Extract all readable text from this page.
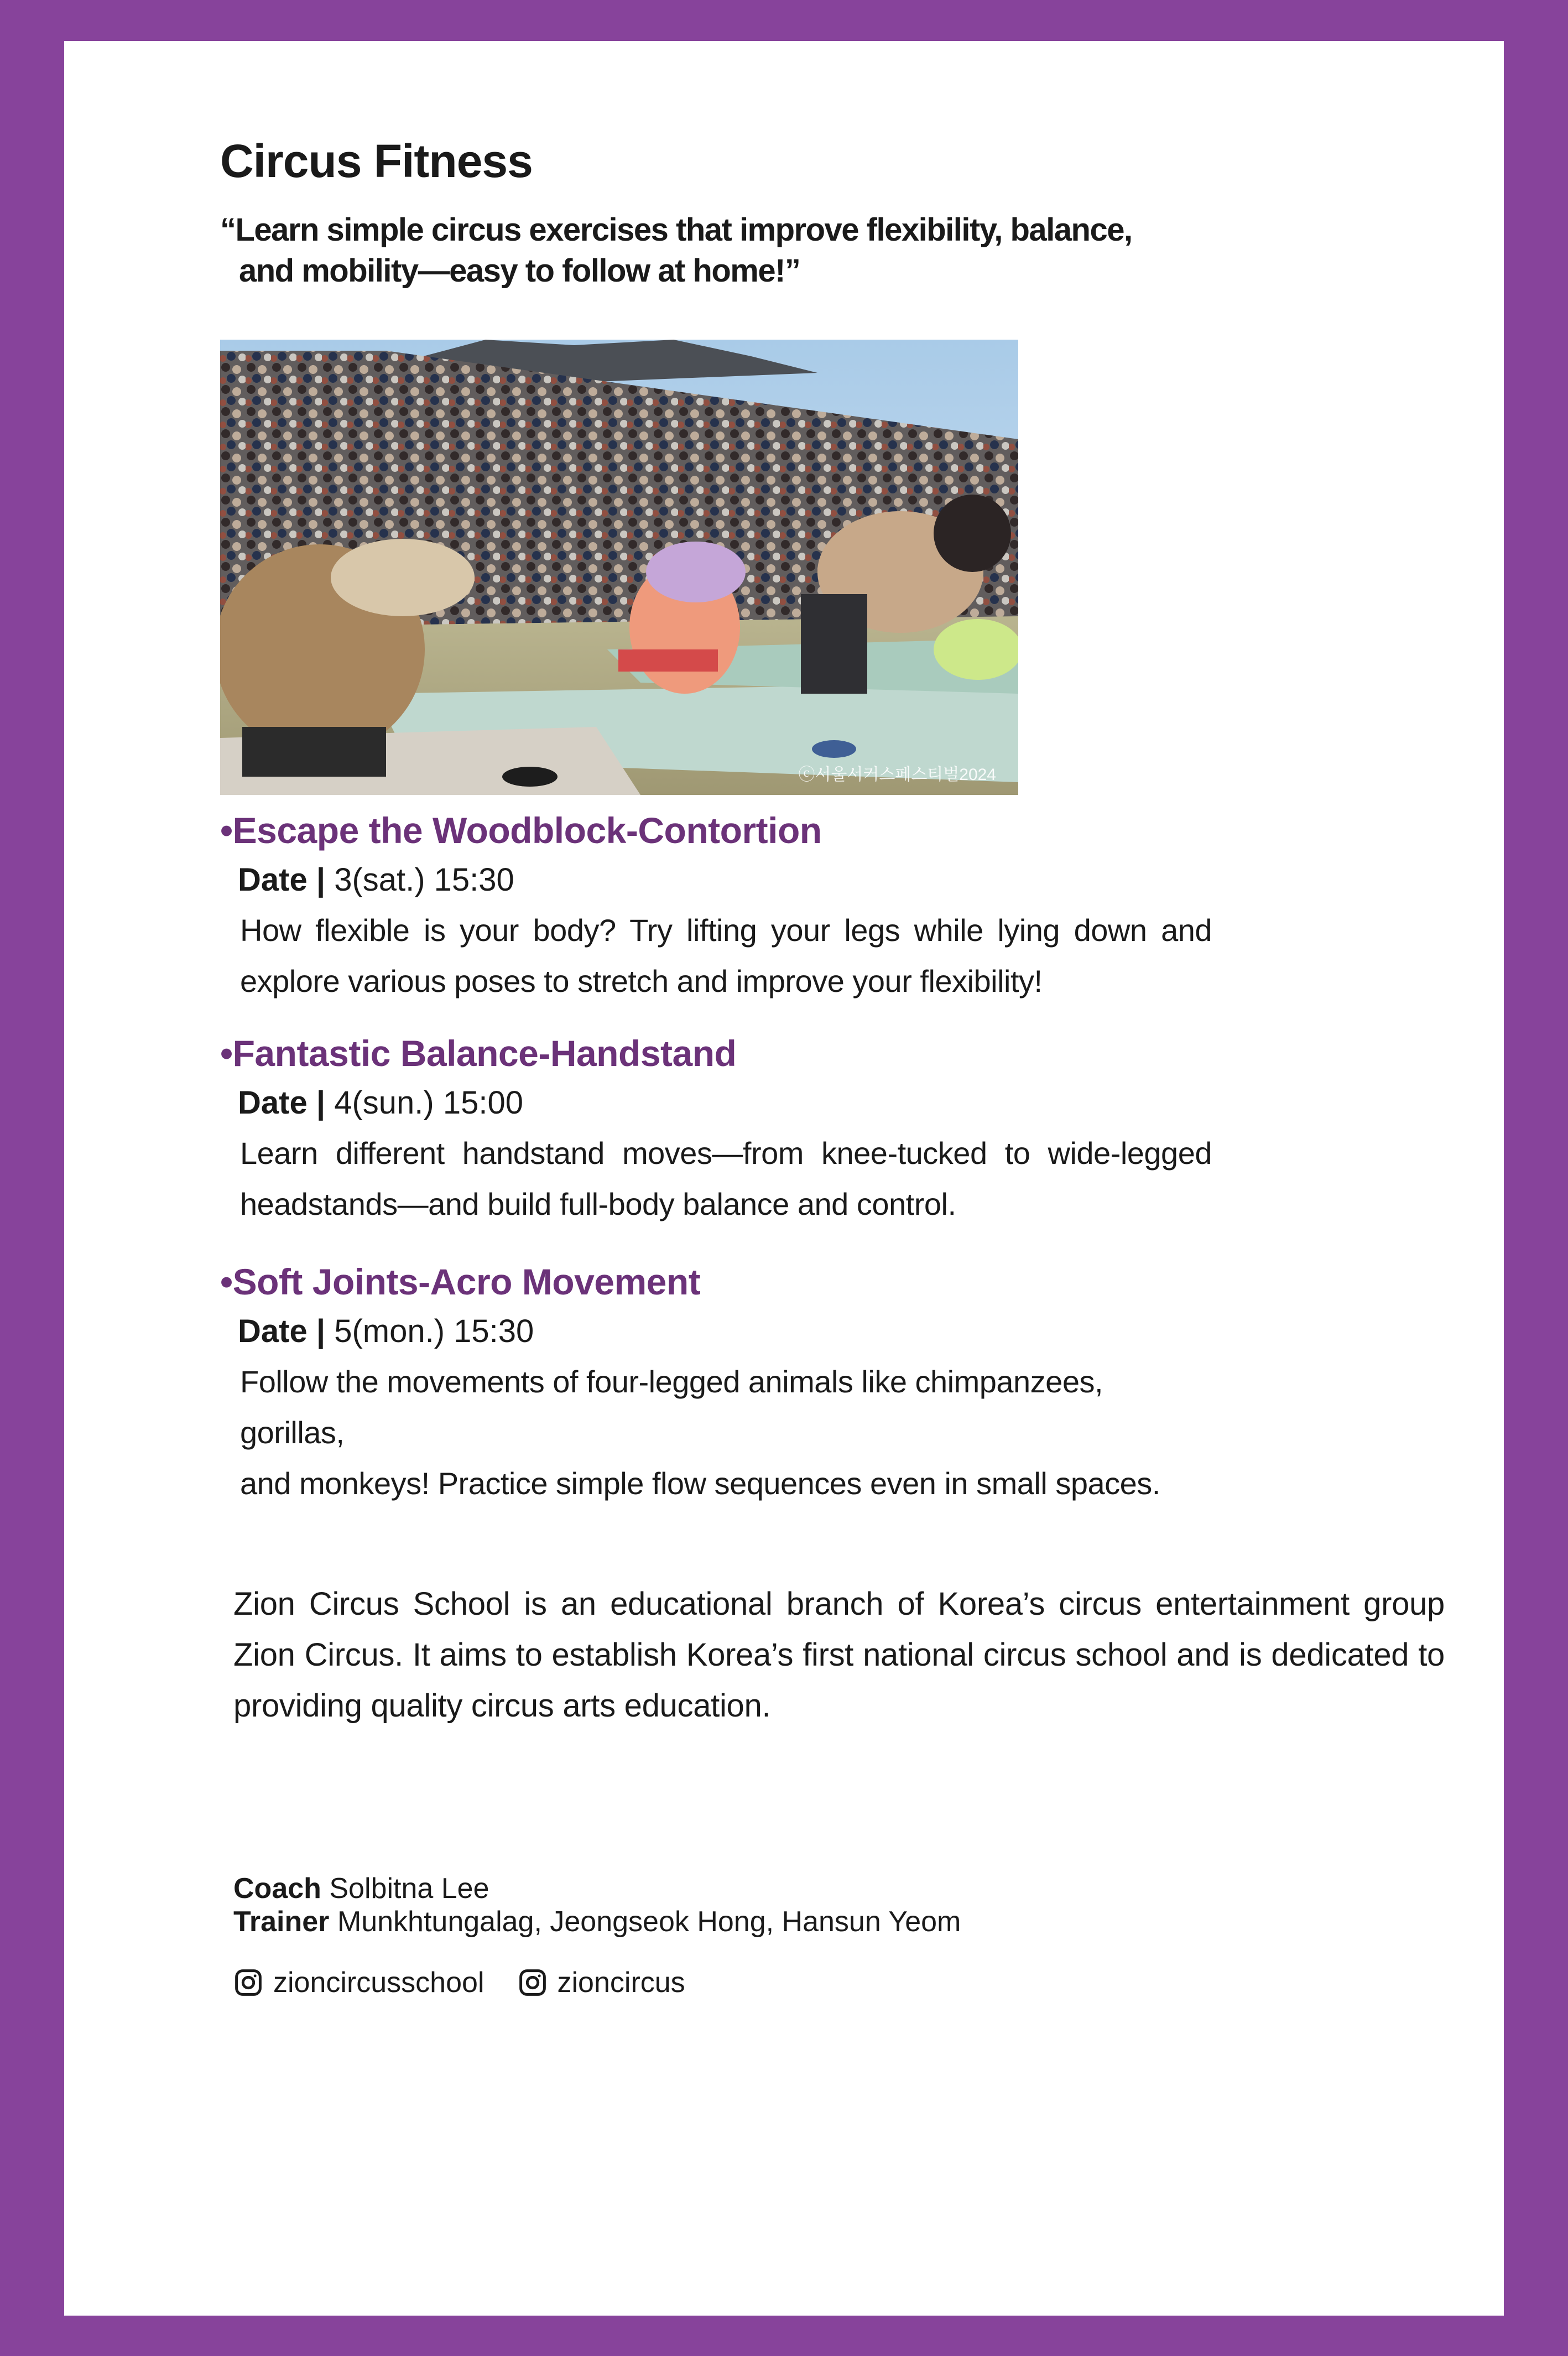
Circus Fitness

“Learn simple circus exercises that improve flexibility, balance,
and mobility—easy to follow at home!”

ⓒ서울서커스페스티벌2024
•Escape the Woodblock-Contortion
Date | 3(sat.) 15:30
How flexible is your body? Try lifting your legs while lying down and explore various poses to stretch and improve your flexibility!
•Fantastic Balance-Handstand
Date | 4(sun.) 15:00
Learn different handstand moves—from knee-tucked to wide-legged headstands—and build full-body balance and control.
•Soft Joints-Acro Movement
Date | 5(mon.) 15:30
Follow the movements of four-legged animals like chimpanzees, gorillas,
and monkeys! Practice simple flow sequences even in small spaces.
Zion Circus School is an educational branch of Korea’s circus entertainment group Zion Circus. It aims to establish Korea’s first national circus school and is dedicated to providing quality circus arts education.
Coach Solbitna Lee
Trainer Munkhtungalag, Jeongseok Hong, Hansun Yeom
zioncircusschool	zioncircus
